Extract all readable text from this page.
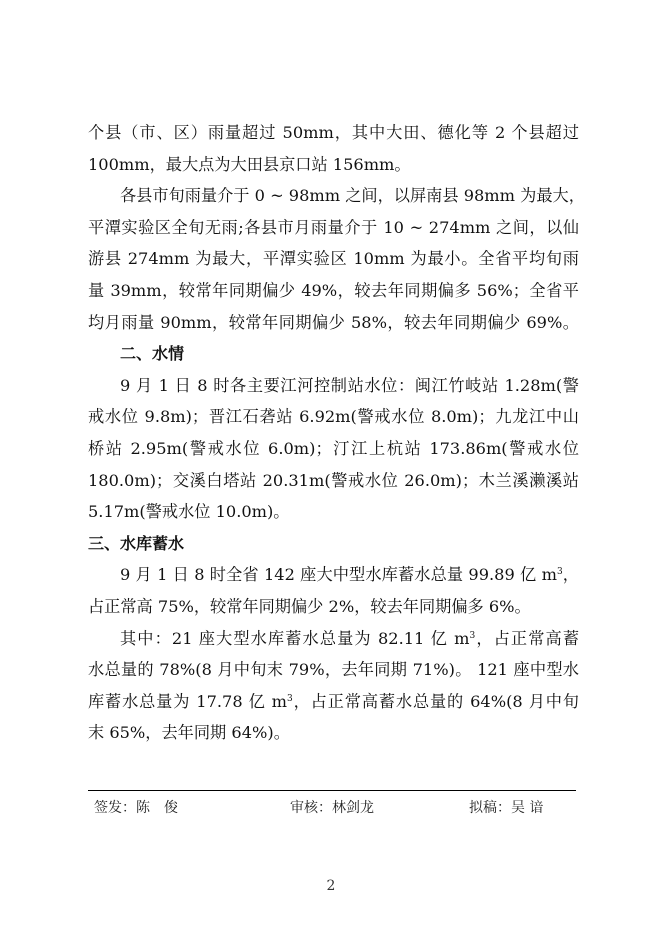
个县（市、区）雨量超过 50mm，其中大田、德化等 2 个县超过
100mm，最大点为大田县京口站 156mm。
各县市旬雨量介于 0 ~ 98mm 之间，以屏南县 98mm 为最大，
平潭实验区全旬无雨;各县市月雨量介于 10 ~ 274mm 之间，以仙
游县 274mm 为最大，平潭实验区 10mm 为最小。全省平均旬雨
量 39mm，较常年同期偏少 49%，较去年同期偏多 56%；全省平
均月雨量 90mm，较常年同期偏少 58%，较去年同期偏少 69%。
二、水情
9 月 1 日 8 时各主要江河控制站水位：闽江竹岐站 1.28m(警
戒水位 9.8m)；晋江石砻站 6.92m(警戒水位 8.0m)；九龙江中山
桥站 2.95m(警戒水位 6.0m)；汀江上杭站 173.86m(警戒水位
180.0m)；交溪白塔站 20.31m(警戒水位 26.0m)；木兰溪濑溪站
5.17m(警戒水位 10.0m)。
三、水库蓄水
9 月 1 日 8 时全省 142 座大中型水库蓄水总量 99.89 亿 $m^3$，
占正常高 75%，较常年同期偏少 2%，较去年同期偏多 6%。
其中：21 座大型水库蓄水总量为 82.11 亿 $m^3$，占正常高蓄
水总量的 78%(8 月中旬末 79%，去年同期 71%)。 121 座中型水
库蓄水总量为 17.78 亿 $m^3$，占正常高蓄水总量的 64%(8 月中旬
末 65%，去年同期 64%)。
签发：陈　俊	审核：林剑龙	拟稿：吴 谙
2
